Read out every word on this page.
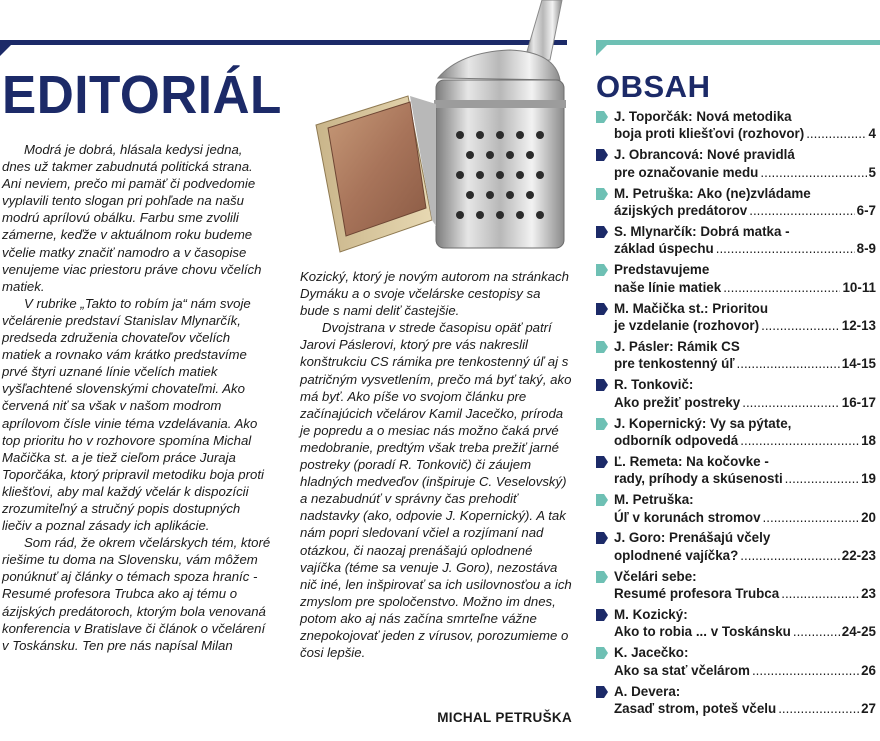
EDITORIÁL

Modrá je dobrá, hlásala kedysi jedna, dnes už takmer zabudnutá politická strana. Ani neviem, prečo mi pamäť či podvedomie vyplavili tento slogan pri pohľade na našu modrú aprílovú obálku. Farbu sme zvolili zámerne, keďže v aktuálnom roku budeme včelie matky značiť namodro a v časopise venujeme viac priestoru práve chovu včelích matiek.

V rubrike „Takto to robím ja“ nám svoje včelárenie predstaví Stanislav Mlynarčík, predseda združenia chovateľov včelích matiek a rovnako vám krátko predstavíme prvé štyri uznané línie včelích matiek vyšľachtené slovenskými chovateľmi. Ako červená niť sa však v našom modrom aprílovom čísle vinie téma vzdelávania. Ako top prioritu ho v rozhovore spomína Michal Mačička st. a je tiež cieľom práce Juraja Toporčáka, ktorý pripravil metodiku boja proti kliešťovi, aby mal každý včelár k dispozícii zrozumiteľný a stručný popis dostupných liečiv a poznal zásady ich aplikácie.

Som rád, že okrem včelárskych tém, ktoré riešime tu doma na Slovensku, vám môžem ponúknuť aj články o témach spoza hraníc - Resumé profesora Trubca ako aj tému o ázijských predátoroch, ktorým bola venovaná konferencia v Bratislave či článok o včelárení v Toskánsku. Ten pre nás napísal Milan

Kozický, ktorý je novým autorom na stránkach Dymáku a o svoje včelárske cestopisy sa bude s nami deliť častejšie.

Dvojstrana v strede časopisu opäť patrí Jarovi Páslerovi, ktorý pre vás nakreslil konštrukciu CS rámika pre tenkostenný úľ aj s patričným vysvetlením, prečo má byť taký, ako má byť. Ako píše vo svojom článku pre začínajúcich včelárov Kamil Jacečko, príroda je popredu a o mesiac nás možno čaká prvé medobranie, predtým však treba prežiť jarné postreky (poradí R. Tonkovič) či záujem hladných medveďov (inšpiruje C. Veselovský) a nezabudnúť v správny čas prehodiť nadstavky (ako, odpovie J. Kopernický). A tak nám popri sledovaní včiel a rozjímaní nad otázkou, či naozaj prenášajú oplodnené vajíčka (téme sa venuje J. Goro), nezostáva nič iné, len inšpirovať sa ich usilovnosťou a ich zmyslom pre spoločenstvo. Možno im dnes, potom ako aj nás začína smrteľne vážne znepokojovať jeden z vírusov, porozumieme o čosi lepšie.

MICHAL PETRUŠKA
OBSAH
J. Toporčák: Nová metodika
boja proti kliešťovi (rozhovor) .....	4
J. Obrancová: Nové pravidlá
pre označovanie medu .....	5
M. Petruška: Ako (ne)zvládame
ázijských predátorov .....	6-7
S. Mlynarčík: Dobrá matka -
základ úspechu .....	8-9
Predstavujeme
naše línie matiek .....	10-11
M. Mačička st.: Prioritou
je vzdelanie (rozhovor) .....	12-13
J. Pásler: Rámik CS
pre tenkostenný úľ .....	14-15
R. Tonkovič:
Ako prežiť postreky .....	16-17
J. Kopernický: Vy sa pýtate,
odborník odpovedá .....	18
Ľ. Remeta: Na kočovke -
rady, príhody a skúsenosti .....	19
M. Petruška:
Úľ v korunách stromov .....	20
J. Goro: Prenášajú včely
oplodnené vajíčka? .....	22-23
Včelári sebe:
Resumé profesora Trubca .....	23
M. Kozický:
Ako to robia ... v Toskánsku .....	24-25
K. Jacečko:
Ako sa stať včelárom .....	26
A. Devera:
Zasaď strom, poteš včelu .....	27
